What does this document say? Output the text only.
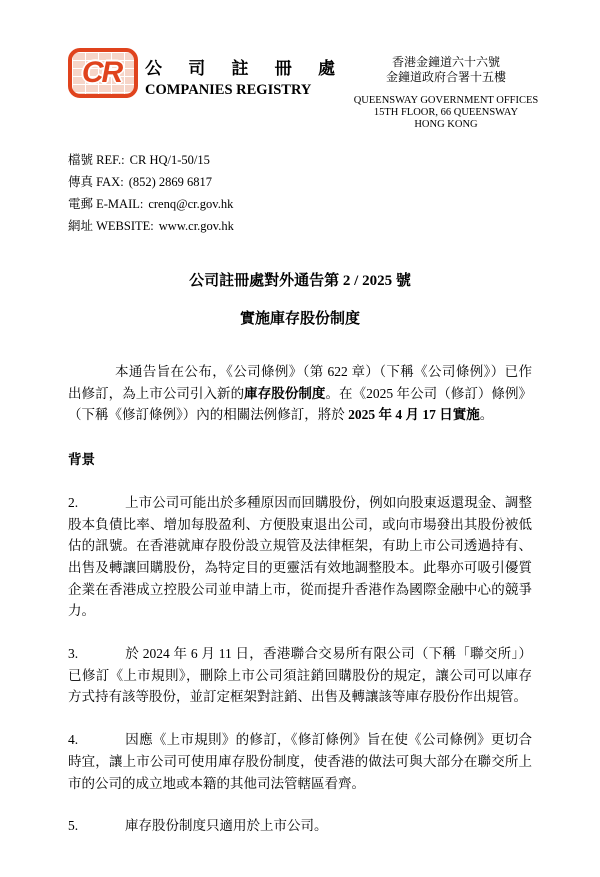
CR 公 司 註 冊 處
COMPANIES REGISTRY
香港金鐘道六十六號
金鐘道政府合署十五樓
QUEENSWAY GOVERNMENT OFFICES
15TH FLOOR, 66 QUEENSWAY
HONG KONG
檔號 REF.: CR HQ/1-50/15
傳真 FAX: (852) 2869 6817
電郵 E-MAIL: crenq@cr.gov.hk
網址 WEBSITE: www.cr.gov.hk
公司註冊處對外通告第 2 / 2025 號
實施庫存股份制度

本通告旨在公布，《公司條例》（第 622 章）（下稱《公司條例》）已作出修訂，為上市公司引入新的庫存股份制度。在《2025 年公司（修訂）條例》（下稱《修訂條例》）內的相關法例修訂，將於 2025 年 4 月 17 日實施。

背景

2.	上市公司可能出於多種原因而回購股份，例如向股東返還現金、調整股本負債比率、增加每股盈利、方便股東退出公司，或向市場發出其股份被低估的訊號。在香港就庫存股份設立規管及法律框架，有助上市公司透過持有、出售及轉讓回購股份，為特定目的更靈活有效地調整股本。此舉亦可吸引優質企業在香港成立控股公司並申請上市，從而提升香港作為國際金融中心的競爭力。

3.	於 2024 年 6 月 11 日，香港聯合交易所有限公司（下稱「聯交所」）已修訂《上市規則》，刪除上市公司須註銷回購股份的規定，讓公司可以庫存方式持有該等股份，並訂定框架對註銷、出售及轉讓該等庫存股份作出規管。

4.	因應《上市規則》的修訂，《修訂條例》旨在使《公司條例》更切合時宜，讓上市公司可使用庫存股份制度，使香港的做法可與大部分在聯交所上市的公司的成立地或本籍的其他司法管轄區看齊。

5.	庫存股份制度只適用於上市公司。
